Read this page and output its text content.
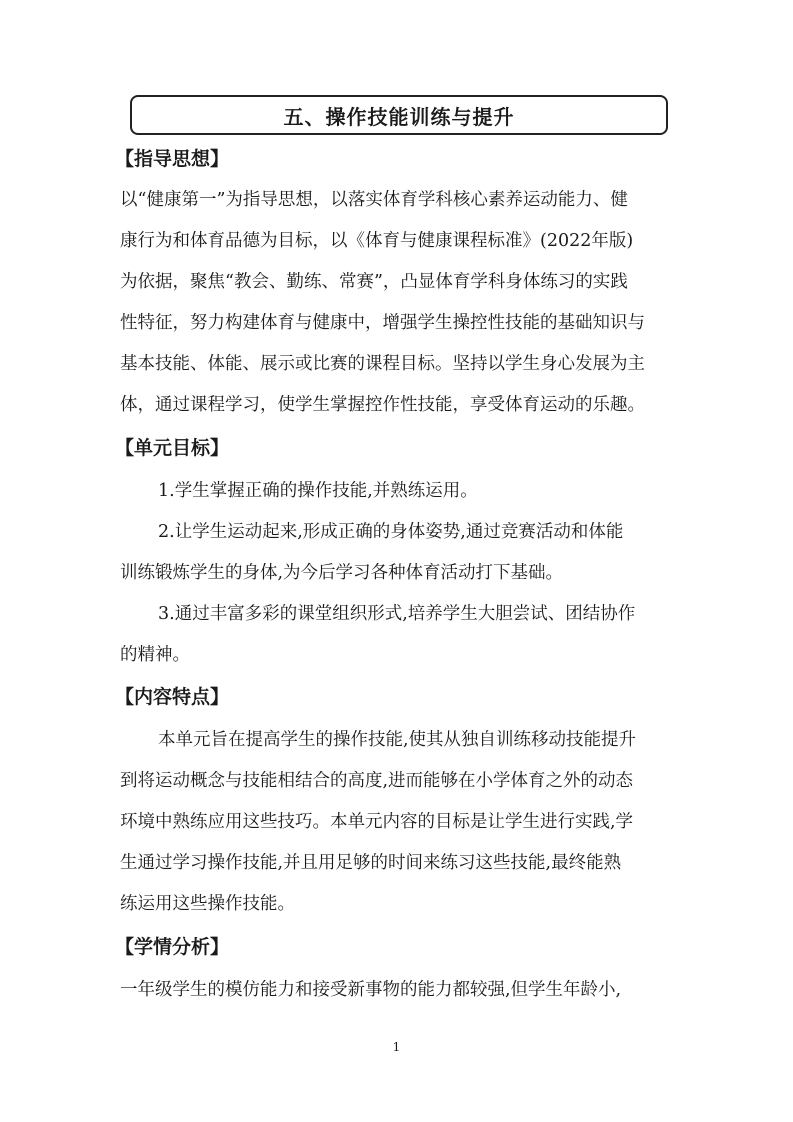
五、操作技能训练与提升
【指导思想】
以“健康第一”为指导思想，以落实体育学科核心素养运动能力、健
康行为和体育品德为目标，以《体育与健康课程标准》(2022年版)
为依据，聚焦“教会、勤练、常赛”，凸显体育学科身体练习的实践
性特征，努力构建体育与健康中，增强学生操控性技能的基础知识与
基本技能、体能、展示或比赛的课程目标。坚持以学生身心发展为主
体，通过课程学习，使学生掌握控作性技能，享受体育运动的乐趣。
【单元目标】
1.学生掌握正确的操作技能,并熟练运用。
2.让学生运动起来,形成正确的身体姿势,通过竞赛活动和体能
训练锻炼学生的身体,为今后学习各种体育活动打下基础。
3.通过丰富多彩的课堂组织形式,培养学生大胆尝试、团结协作
的精神。
【内容特点】
本单元旨在提高学生的操作技能,使其从独自训练移动技能提升
到将运动概念与技能相结合的高度,进而能够在小学体育之外的动态
环境中熟练应用这些技巧。本单元内容的目标是让学生进行实践,学
生通过学习操作技能,并且用足够的时间来练习这些技能,最终能熟
练运用这些操作技能。
【学情分析】
一年级学生的模仿能力和接受新事物的能力都较强,但学生年龄小,
1
